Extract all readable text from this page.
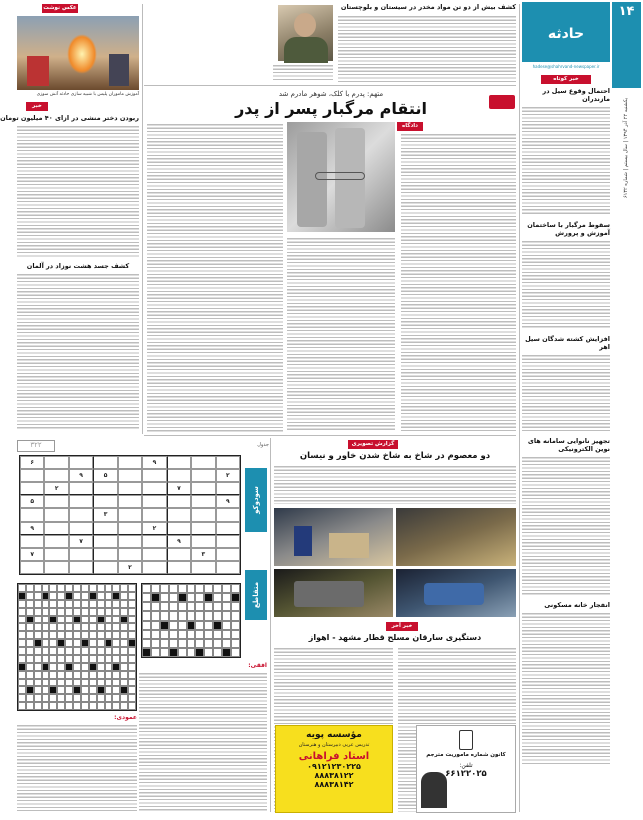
۱۴
یکشنبه ۲۲ آذر ۱۳۹۴ | سال بیستم | شماره ۶۱۳۲
حادثه
hadese@shahrvand-newspaper.ir
خبر کوتاه
احتمال وقوع سیل در مازندران
سقوط مرگبار با ساختمان آموزش و پرورش
افزایش کشته شدگان سیل اهر
تجهیز نانوایی سامانه های نوین الکترونیکی
انفجار خانه مسکونی
کشف بیش از دو تن مواد مخدر در سیستان و بلوچستان
متهم: پدرم با کلک، شوهر مادرم شد
انتقام مرگبار پسر از پدر
دادگاه
عکس نوشت
آموزش ماموران پلیس با شبیه سازی حادثه آتش سوزی
خبر
ربودن دختر منشی در ازای ۴۰ میلیون تومان
کشف جسد هشت نوزاد در آلمان
گزارش تصویری
دو معصوم در شاخ به شاخ شدن خاور و نیسان
خبر آخر
دستگیری سارقان مسلح قطار مشهد - اهواز
جدول
۳۲۲
سودوکو
۹
۶
۲
۵
۹
۷
۲
۹
۵
۳
۲
۹
۹
۷
۳
۷
۲
متقاطع
افقی:
عمودی:
مؤسسه پویه
تدریس عربی دبیرستان و هنرستان
استاد فراهانی
۰۹۱۲۱۲۳۰۲۲۵
۸۸۸۳۸۱۲۲
۸۸۸۳۸۱۴۲
کانون شماره ماموریت مترجم
تلفن:
۶۶۱۲۲۰۲۵
